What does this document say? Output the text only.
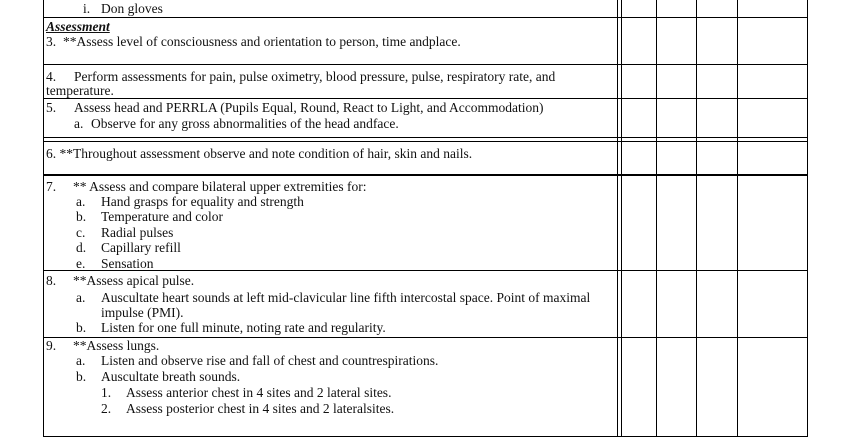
i. Don gloves
Assessment
3. **Assess level of consciousness and orientation to person, time andplace.
4. Perform assessments for pain, pulse oximetry, blood pressure, pulse, respiratory rate, and
temperature.
5. Assess head and PERRLA (Pupils Equal, Round, React to Light, and Accommodation)
a. Observe for any gross abnormalities of the head andface.
6. **Throughout assessment observe and note condition of hair, skin and nails.
7. ** Assess and compare bilateral upper extremities for:
a. Hand grasps for equality and strength
b. Temperature and color
c. Radial pulses
d. Capillary refill
e. Sensation
8. **Assess apical pulse.
a. Auscultate heart sounds at left mid-clavicular line fifth intercostal space. Point of maximal
impulse (PMI).
b. Listen for one full minute, noting rate and regularity.
9. **Assess lungs.
a. Listen and observe rise and fall of chest and countrespirations.
b. Auscultate breath sounds.
1. Assess anterior chest in 4 sites and 2 lateral sites.
2. Assess posterior chest in 4 sites and 2 lateralsites.
